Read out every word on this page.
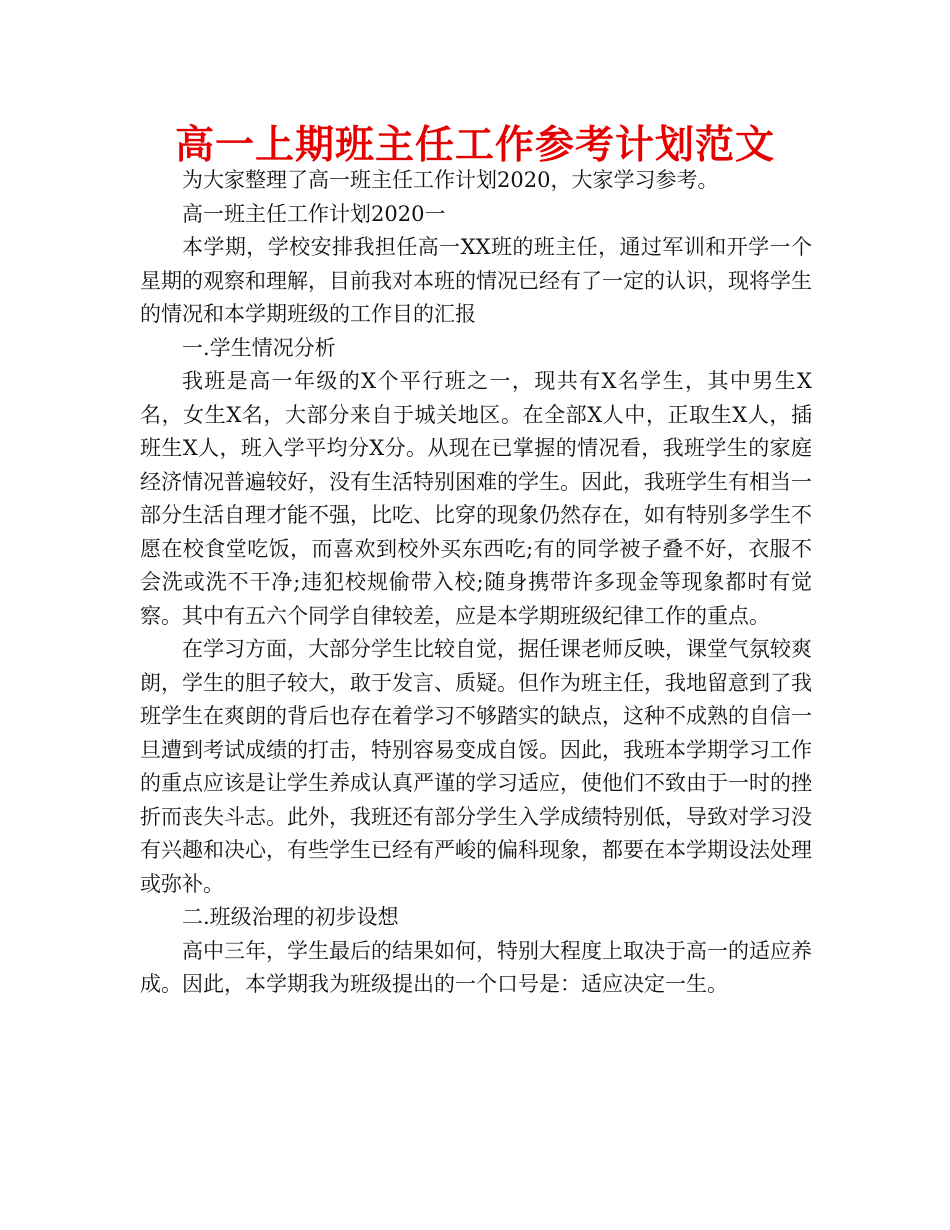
高一上期班主任工作参考计划范文

为大家整理了高一班主任工作计划2020，大家学习参考。

高一班主任工作计划2020一

本学期，学校安排我担任高一XX班的班主任，通过军训和开学一个星期的观察和理解，目前我对本班的情况已经有了一定的认识，现将学生的情况和本学期班级的工作目的汇报

一.学生情况分析

我班是高一年级的X个平行班之一，现共有X名学生，其中男生X名，女生X名，大部分来自于城关地区。在全部X人中，正取生X人，插班生X人，班入学平均分X分。从现在已掌握的情况看，我班学生的家庭经济情况普遍较好，没有生活特别困难的学生。因此，我班学生有相当一部分生活自理才能不强，比吃、比穿的现象仍然存在，如有特别多学生不愿在校食堂吃饭，而喜欢到校外买东西吃;有的同学被子叠不好，衣服不会洗或洗不干净;违犯校规偷带入校;随身携带许多现金等现象都时有觉察。其中有五六个同学自律较差，应是本学期班级纪律工作的重点。

在学习方面，大部分学生比较自觉，据任课老师反映，课堂气氛较爽朗，学生的胆子较大，敢于发言、质疑。但作为班主任，我地留意到了我班学生在爽朗的背后也存在着学习不够踏实的缺点，这种不成熟的自信一旦遭到考试成绩的打击，特别容易变成自馁。因此，我班本学期学习工作的重点应该是让学生养成认真严谨的学习适应，使他们不致由于一时的挫折而丧失斗志。此外，我班还有部分学生入学成绩特别低，导致对学习没有兴趣和决心，有些学生已经有严峻的偏科现象，都要在本学期设法处理或弥补。

二.班级治理的初步设想

高中三年，学生最后的结果如何，特别大程度上取决于高一的适应养成。因此，本学期我为班级提出的一个口号是：适应决定一生。
